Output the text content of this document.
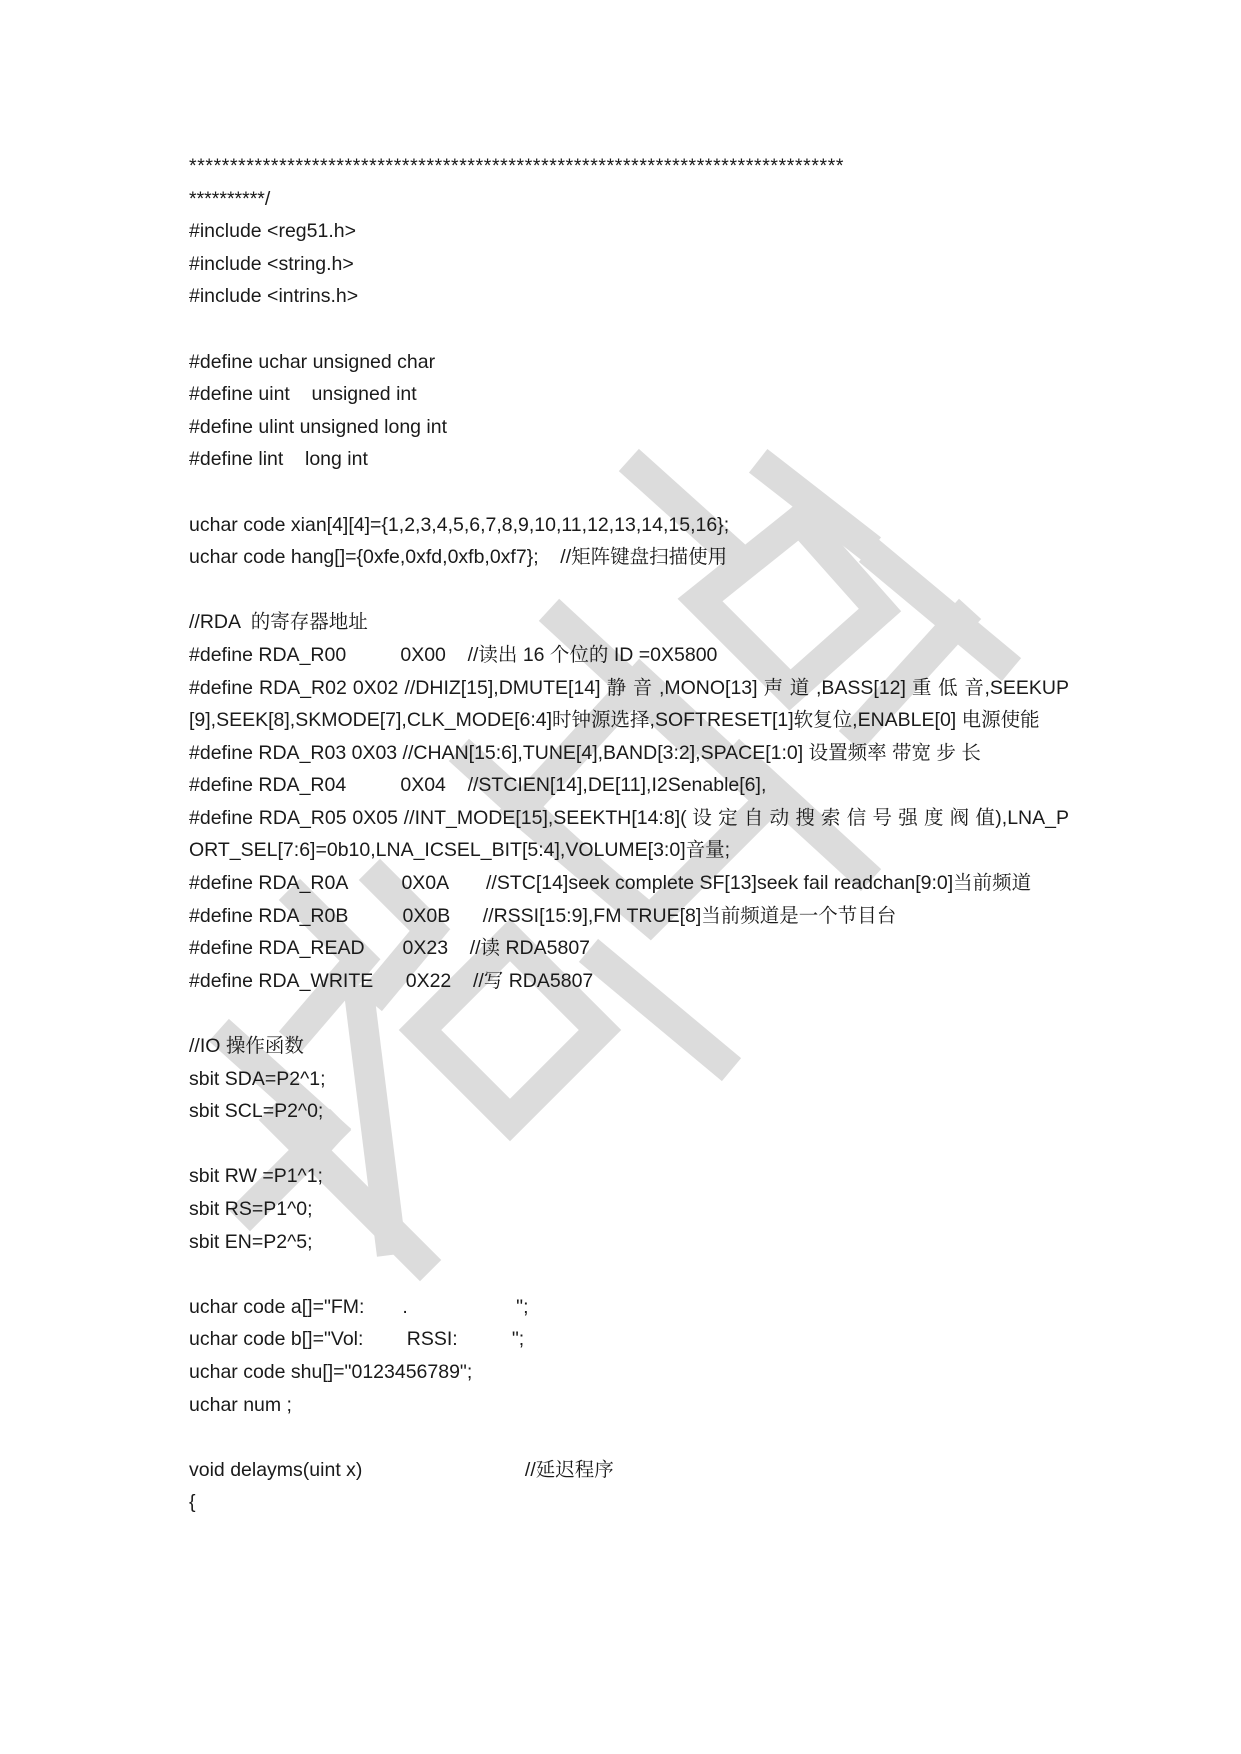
********************************************************************************
**********/
#include <reg51.h>
#include <string.h>
#include <intrins.h>
#define uchar unsigned char
#define uint    unsigned int
#define ulint unsigned long int
#define lint    long int
uchar code xian[4][4]={1,2,3,4,5,6,7,8,9,10,11,12,13,14,15,16};
uchar code hang[]={0xfe,0xfd,0xfb,0xf7};    //矩阵键盘扫描使用
//RDA  的寄存器地址
#define RDA_R00          0X00    //读出 16 个位的 ID =0X5800
#define RDA_R02 0X02 //DHIZ[15],DMUTE[14] 静 音 ,MONO[13] 声 道 ,BASS[12] 重 低 音,SEEKUP[9],SEEK[8],SKMODE[7],CLK_MODE[6:4]时钟源选择,SOFTRESET[1]软复位,ENABLE[0] 电源使能
#define RDA_R03 0X03 //CHAN[15:6],TUNE[4],BAND[3:2],SPACE[1:0] 设置频率 带宽 步 长
#define RDA_R04          0X04    //STCIEN[14],DE[11],I2Senable[6],
#define RDA_R05 0X05 //INT_MODE[15],SEEKTH[14:8]( 设 定 自 动 搜 索 信 号 强 度 阀 值),LNA_PORT_SEL[7:6]=0b10,LNA_ICSEL_BIT[5:4],VOLUME[3:0]音量;
#define RDA_R0A          0X0A       //STC[14]seek complete SF[13]seek fail readchan[9:0]当前频道
#define RDA_R0B          0X0B      //RSSI[15:9],FM TRUE[8]当前频道是一个节目台
#define RDA_READ       0X23    //读 RDA5807
#define RDA_WRITE      0X22    //写 RDA5807
//IO 操作函数
sbit SDA=P2^1;
sbit SCL=P2^0;
sbit RW =P1^1;
sbit RS=P1^0;
sbit EN=P2^5;
uchar code a[]="FM:       .                    ";
uchar code b[]="Vol:        RSSI:          ";
uchar code shu[]="0123456789";
uchar num ;
void delayms(uint x)                              //延迟程序
{
